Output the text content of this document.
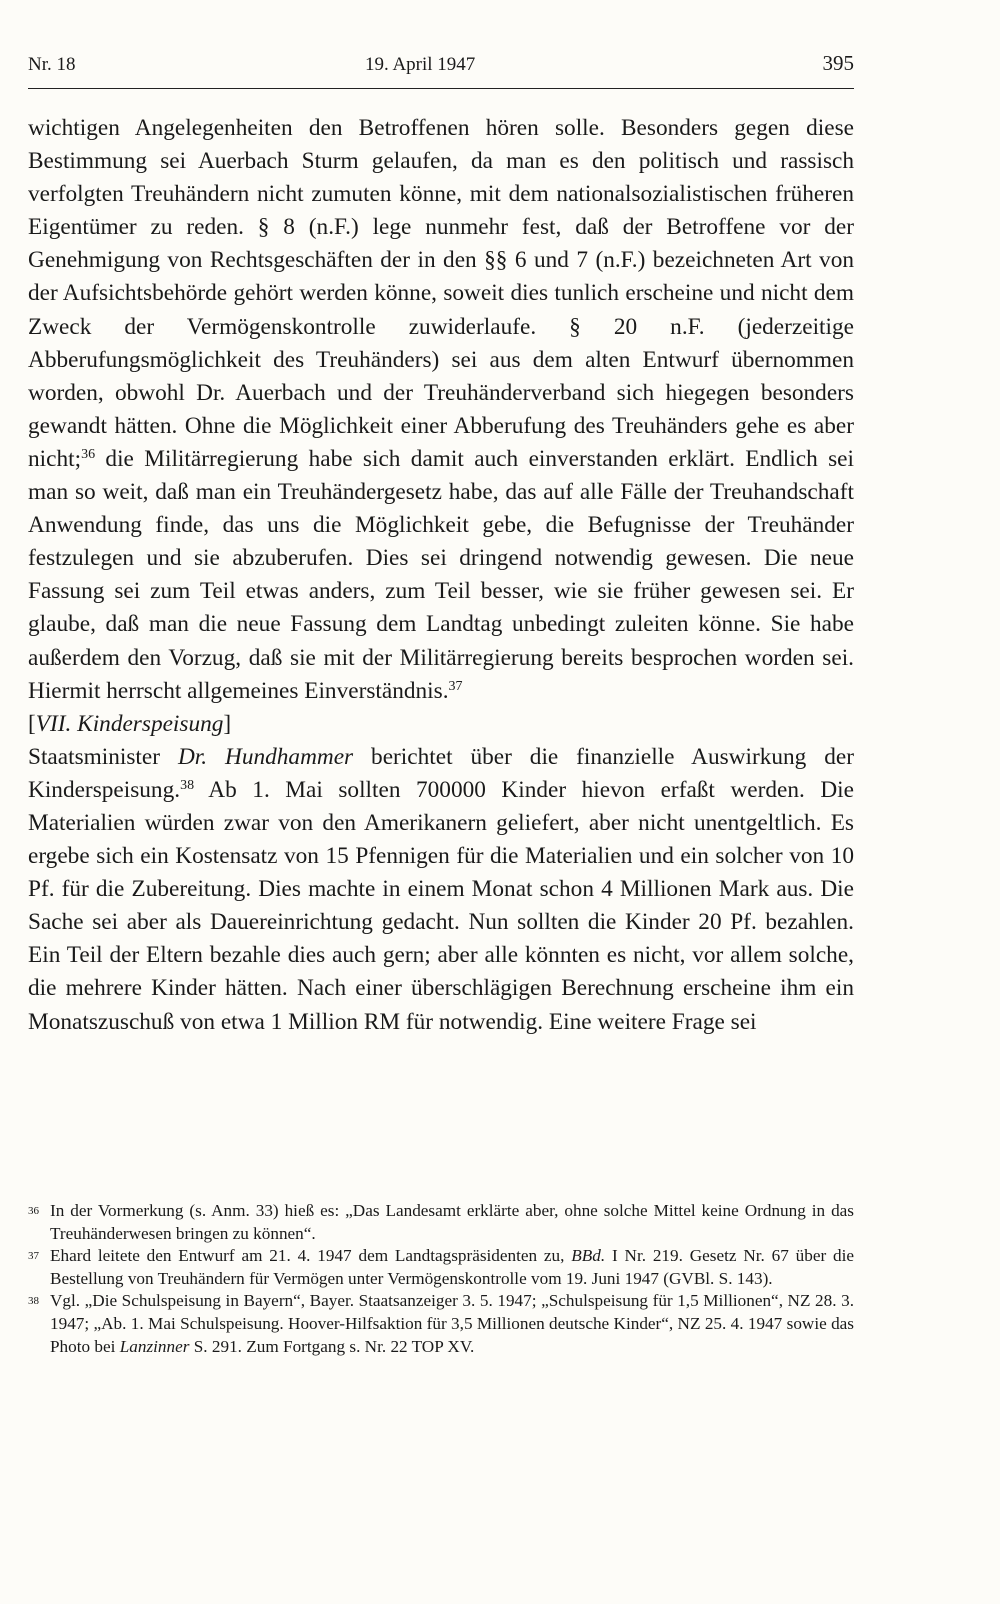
Nr. 18	19. April 1947	395

wichtigen Angelegenheiten den Betroffenen hören solle. Besonders gegen diese Bestimmung sei Auerbach Sturm gelaufen, da man es den politisch und rassisch verfolgten Treuhändern nicht zumuten könne, mit dem nationalsozialistischen früheren Eigentümer zu reden. § 8 (n.F.) lege nunmehr fest, daß der Betroffene vor der Genehmigung von Rechtsgeschäften der in den §§ 6 und 7 (n.F.) bezeichneten Art von der Aufsichtsbehörde gehört werden könne, soweit dies tunlich erscheine und nicht dem Zweck der Vermögenskontrolle zuwiderlaufe. § 20 n.F. (jederzeitige Abberufungsmöglichkeit des Treuhänders) sei aus dem alten Entwurf übernommen worden, obwohl Dr. Auerbach und der Treuhänderverband sich hiegegen besonders gewandt hätten. Ohne die Möglichkeit einer Abberufung des Treuhänders gehe es aber nicht;$^{36}$ die Militärregierung habe sich damit auch einverstanden erklärt. Endlich sei man so weit, daß man ein Treuhändergesetz habe, das auf alle Fälle der Treuhandschaft Anwendung finde, das uns die Möglichkeit gebe, die Befugnisse der Treuhänder festzulegen und sie abzuberufen. Dies sei dringend notwendig gewesen. Die neue Fassung sei zum Teil etwas anders, zum Teil besser, wie sie früher gewesen sei. Er glaube, daß man die neue Fassung dem Landtag unbedingt zuleiten könne. Sie habe außerdem den Vorzug, daß sie mit der Militärregierung bereits besprochen worden sei. Hiermit herrscht allgemeines Einverständnis.$^{37}$

[VII. Kinderspeisung]

Staatsminister Dr. Hundhammer berichtet über die finanzielle Auswirkung der Kinderspeisung.$^{38}$ Ab 1. Mai sollten 700000 Kinder hievon erfaßt werden. Die Materialien würden zwar von den Amerikanern geliefert, aber nicht unentgeltlich. Es ergebe sich ein Kostensatz von 15 Pfennigen für die Materialien und ein solcher von 10 Pf. für die Zubereitung. Dies machte in einem Monat schon 4 Millionen Mark aus. Die Sache sei aber als Dauereinrichtung gedacht. Nun sollten die Kinder 20 Pf. bezahlen. Ein Teil der Eltern bezahle dies auch gern; aber alle könnten es nicht, vor allem solche, die mehrere Kinder hätten. Nach einer überschlägigen Berechnung erscheine ihm ein Monatszuschuß von etwa 1 Million RM für notwendig. Eine weitere Frage sei

36 In der Vormerkung (s. Anm. 33) hieß es: „Das Landesamt erklärte aber, ohne solche Mittel keine Ordnung in das Treuhänderwesen bringen zu können“.
37 Ehard leitete den Entwurf am 21. 4. 1947 dem Landtagspräsidenten zu, BBd. I Nr. 219. Gesetz Nr. 67 über die Bestellung von Treuhändern für Vermögen unter Vermögenskontrolle vom 19. Juni 1947 (GVBl. S. 143).
38 Vgl. „Die Schulspeisung in Bayern“, Bayer. Staatsanzeiger 3. 5. 1947; „Schulspeisung für 1,5 Millionen“, NZ 28. 3. 1947; „Ab. 1. Mai Schulspeisung. Hoover-Hilfsaktion für 3,5 Millionen deutsche Kinder“, NZ 25. 4. 1947 sowie das Photo bei Lanzinner S. 291. Zum Fortgang s. Nr. 22 TOP XV.
